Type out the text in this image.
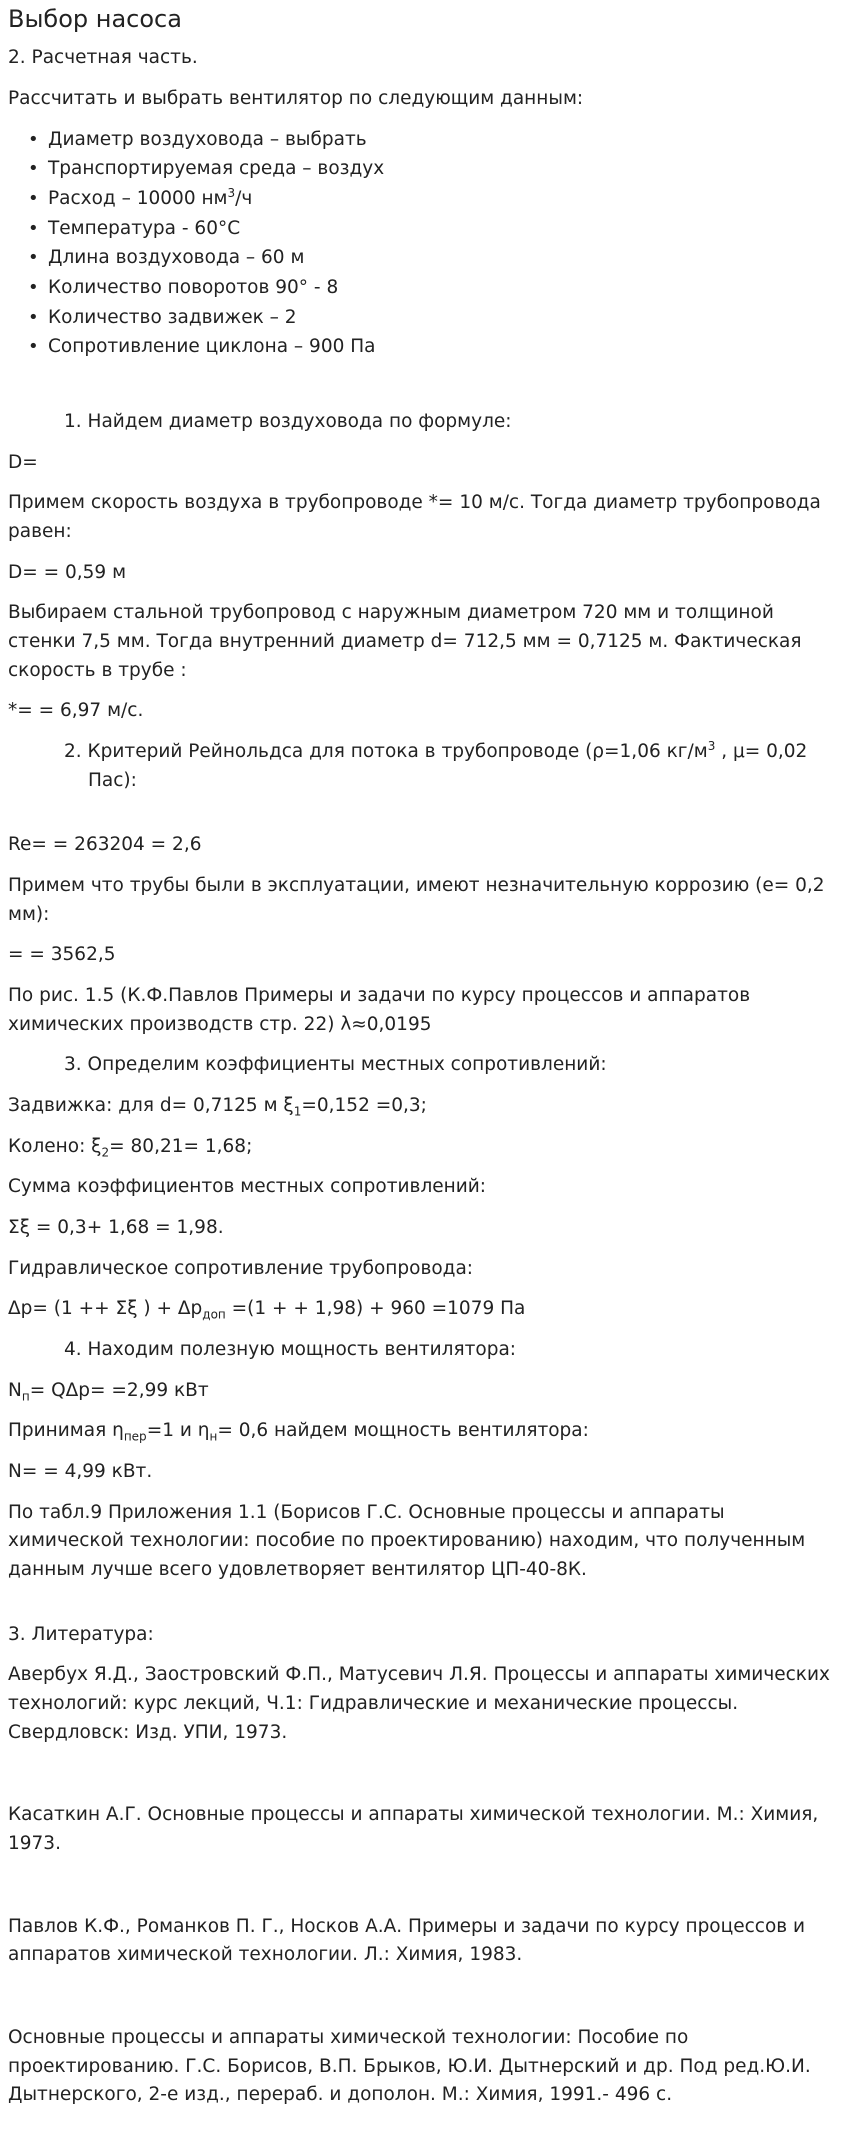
Выбор насоса

2. Расчетная часть.

Рассчитать и выбрать вентилятор по следующим данным:

• Диаметр воздуховода – выбрать
• Транспортируемая среда – воздух
• Расход – 10000 $нм^3/ч$
• Температура - 60°С
• Длина воздуховода – 60 м
• Количество поворотов 90° - 8
• Количество задвижек – 2
• Сопротивление циклона – 900 Па

1. Найдем диаметр воздуховода по формуле:

D=

Примем скорость воздуха в трубопроводе *= 10 м/с. Тогда диаметр трубопровода равен:

D= = 0,59 м

Выбираем стальной трубопровод с наружным диаметром 720 мм и толщиной стенки 7,5 мм. Тогда внутренний диаметр d= 712,5 мм = 0,7125 м. Фактическая скорость в трубе :

*= = 6,97 м/с.

2. Критерий Рейнольдса для потока в трубопроводе (ρ=1,06 $кг/м^3$ , μ= 0,02 Пас):

Re= = 263204 = 2,6

Примем что трубы были в эксплуатации, имеют незначительную коррозию (e= 0,2 мм):

= = 3562,5

По рис. 1.5 (К.Ф.Павлов Примеры и задачи по курсу процессов и аппаратов химических производств стр. 22) λ≈0,0195

3. Определим коэффициенты местных сопротивлений:

Задвижка: для d= 0,7125 м $\xi_1=0,152 =0,3$;

Колено: $\xi_2= 80,21= 1,68$;

Сумма коэффициентов местных сопротивлений:

Σξ = 0,3+ 1,68 = 1,98.

Гидравлическое сопротивление трубопровода:

Δp= (1 ++ Σξ ) + $\Delta p_{доп} =(1$ + + 1,98) + 960 =1079 Па

4. Находим полезную мощность вентилятора:

$N_п= Q\Delta p= =2,99$ кВт

Принимая $\eta_{пер}=1$ и $\eta_н= 0,6$ найдем мощность вентилятора:

N= = 4,99 кВт.

По табл.9 Приложения 1.1 (Борисов Г.С. Основные процессы и аппараты химической технологии: пособие по проектированию) находим, что полученным данным лучше всего удовлетворяет вентилятор ЦП-40-8К.

3. Литература:

Авербух Я.Д., Заостровский Ф.П., Матусевич Л.Я. Процессы и аппараты химических технологий: курс лекций, Ч.1: Гидравлические и механические процессы. Свердловск: Изд. УПИ, 1973.

Касаткин А.Г. Основные процессы и аппараты химической технологии. М.: Химия, 1973.

Павлов К.Ф., Романков П. Г., Носков А.А. Примеры и задачи по курсу процессов и аппаратов химической технологии. Л.: Химия, 1983.

Основные процессы и аппараты химической технологии: Пособие по проектированию. Г.С. Борисов, В.П. Брыков, Ю.И. Дытнерский и др. Под ред.Ю.И. Дытнерского, 2-е изд., перераб. и дополон. М.: Химия, 1991.- 496 с.
